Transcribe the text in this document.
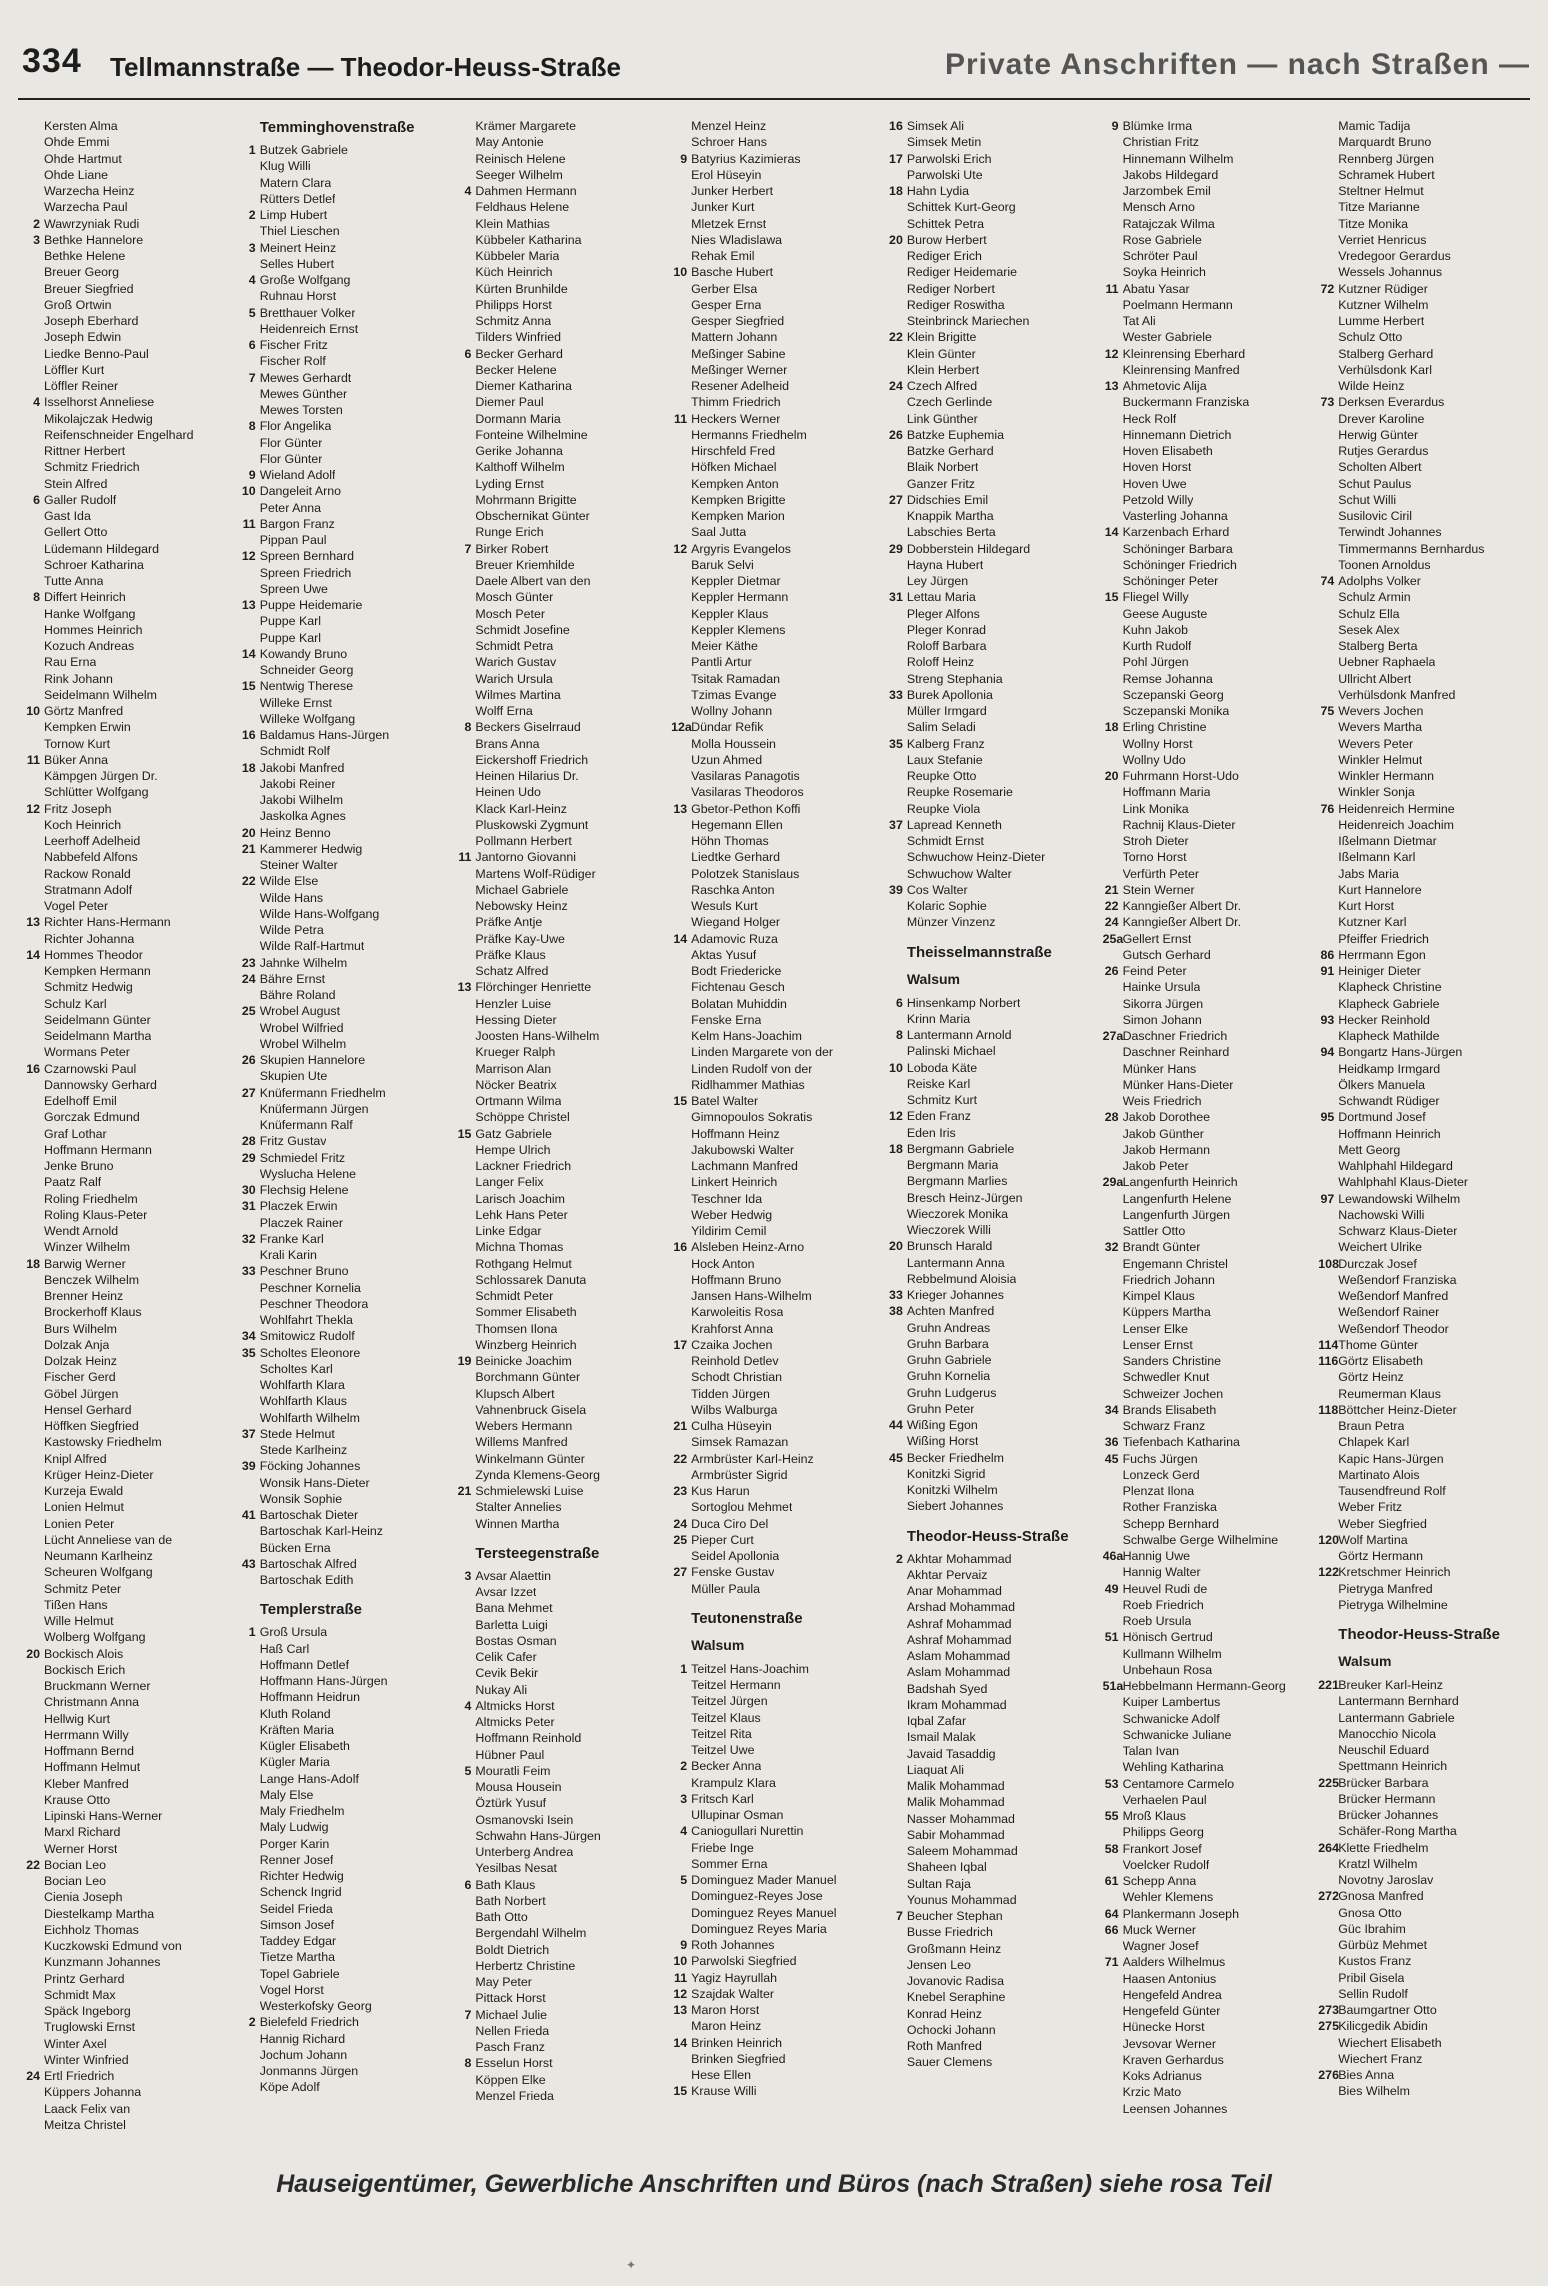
334 Tellmannstraße — Theodor-Heuss-Straße	Private Anschriften — nach Straßen —
Kersten Alma
Ohde Emmi
Ohde Hartmut
Ohde Liane
Warzecha Heinz
Warzecha Paul
2 Wawrzyniak Rudi
3 Bethke Hannelore
Bethke Helene
Breuer Georg
Breuer Siegfried
Groß Ortwin
Joseph Eberhard
Joseph Edwin
Liedke Benno-Paul
Löffler Kurt
Löffler Reiner
4 Isselhorst Anneliese
Mikolajczak Hedwig
Reifenschneider Engelhard
Rittner Herbert
Schmitz Friedrich
Stein Alfred
6 Galler Rudolf
Gast Ida
Gellert Otto
Lüdemann Hildegard
Schroer Katharina
Tutte Anna
8 Differt Heinrich
Hanke Wolfgang
Hommes Heinrich
Kozuch Andreas
Rau Erna
Rink Johann
Seidelmann Wilhelm
10 Görtz Manfred
Kempken Erwin
Tornow Kurt
11 Büker Anna
Kämpgen Jürgen Dr.
Schlütter Wolfgang
12 Fritz Joseph
Koch Heinrich
Leerhoff Adelheid
Nabbefeld Alfons
Rackow Ronald
Stratmann Adolf
Vogel Peter
13 Richter Hans-Hermann
Richter Johanna
14 Hommes Theodor
Kempken Hermann
Schmitz Hedwig
Schulz Karl
Seidelmann Günter
Seidelmann Martha
Wormans Peter
16 Czarnowski Paul
Dannowsky Gerhard
Edelhoff Emil
Gorczak Edmund
Graf Lothar
Hoffmann Hermann
Jenke Bruno
Paatz Ralf
Roling Friedhelm
Roling Klaus-Peter
Wendt Arnold
Winzer Wilhelm
18 Barwig Werner
Benczek Wilhelm
Brenner Heinz
Brockerhoff Klaus
Burs Wilhelm
Dolzak Anja
Dolzak Heinz
Fischer Gerd
Göbel Jürgen
Hensel Gerhard
Höffken Siegfried
Kastowsky Friedhelm
Knipl Alfred
Krüger Heinz-Dieter
Kurzeja Ewald
Lonien Helmut
Lonien Peter
Lücht Anneliese van de
Neumann Karlheinz
Scheuren Wolfgang
Schmitz Peter
Tißen Hans
Wille Helmut
Wolberg Wolfgang
20 Bockisch Alois
Bockisch Erich
Bruckmann Werner
Christmann Anna
Hellwig Kurt
Herrmann Willy
Hoffmann Bernd
Hoffmann Helmut
Kleber Manfred
Krause Otto
Lipinski Hans-Werner
Marxl Richard
Werner Horst
22 Bocian Leo
Bocian Leo
Cienia Joseph
Diestelkamp Martha
Eichholz Thomas
Kuczkowski Edmund von
Kunzmann Johannes
Printz Gerhard
Schmidt Max
Späck Ingeborg
Truglowski Ernst
Winter Axel
Winter Winfried
24 Ertl Friedrich
Küppers Johanna
Laack Felix van
Meitza Christel
Temminghovenstraße
1 Butzek Gabriele
Klug Willi
Matern Clara
Rütters Detlef
2 Limp Hubert
Thiel Lieschen
3 Meinert Heinz
Selles Hubert
4 Große Wolfgang
Ruhnau Horst
5 Bretthauer Volker
Heidenreich Ernst
6 Fischer Fritz
Fischer Rolf
7 Mewes Gerhardt
Mewes Günther
Mewes Torsten
8 Flor Angelika
Flor Günter
Flor Günter
9 Wieland Adolf
10 Dangeleit Arno
Peter Anna
11 Bargon Franz
Pippan Paul
12 Spreen Bernhard
Spreen Friedrich
Spreen Uwe
13 Puppe Heidemarie
Puppe Karl
Puppe Karl
14 Kowandy Bruno
Schneider Georg
15 Nentwig Therese
Willeke Ernst
Willeke Wolfgang
16 Baldamus Hans-Jürgen
Schmidt Rolf
18 Jakobi Manfred
Jakobi Reiner
Jakobi Wilhelm
Jaskolka Agnes
20 Heinz Benno
21 Kammerer Hedwig
Steiner Walter
22 Wilde Else
Wilde Hans
Wilde Hans-Wolfgang
Wilde Petra
Wilde Ralf-Hartmut
23 Jahnke Wilhelm
24 Bähre Ernst
Bähre Roland
25 Wrobel August
Wrobel Wilfried
Wrobel Wilhelm
26 Skupien Hannelore
Skupien Ute
27 Knüfermann Friedhelm
Knüfermann Jürgen
Knüfermann Ralf
28 Fritz Gustav
29 Schmiedel Fritz
Wyslucha Helene
30 Flechsig Helene
31 Placzek Erwin
Placzek Rainer
32 Franke Karl
Krali Karin
33 Peschner Bruno
Peschner Kornelia
Peschner Theodora
Wohlfahrt Thekla
34 Smitowicz Rudolf
35 Scholtes Eleonore
Scholtes Karl
Wohlfarth Klara
Wohlfarth Klaus
Wohlfarth Wilhelm
37 Stede Helmut
Stede Karlheinz
39 Föcking Johannes
Wonsik Hans-Dieter
Wonsik Sophie
41 Bartoschak Dieter
Bartoschak Karl-Heinz
Bücken Erna
43 Bartoschak Alfred
Bartoschak Edith
Templerstraße
1 Groß Ursula
Haß Carl
Hoffmann Detlef
Hoffmann Hans-Jürgen
Hoffmann Heidrun
Kluth Roland
Kräften Maria
Kügler Elisabeth
Kügler Maria
Lange Hans-Adolf
Maly Else
Maly Friedhelm
Maly Ludwig
Porger Karin
Renner Josef
Richter Hedwig
Schenck Ingrid
Seidel Frieda
Simson Josef
Taddey Edgar
Tietze Martha
Topel Gabriele
Vogel Horst
Westerkofsky Georg
2 Bielefeld Friedrich
Hannig Richard
Jochum Johann
Jonmanns Jürgen
Köpe Adolf
Krämer Margarete
May Antonie
Reinisch Helene
Seeger Wilhelm
4 Dahmen Hermann
Feldhaus Helene
Klein Mathias
Kübbeler Katharina
Kübbeler Maria
Küch Heinrich
Kürten Brunhilde
Philipps Horst
Schmitz Anna
Tilders Winfried
6 Becker Gerhard
Becker Helene
Diemer Katharina
Diemer Paul
Dormann Maria
Fonteine Wilhelmine
Gerike Johanna
Kalthoff Wilhelm
Lyding Ernst
Mohrmann Brigitte
Obschernikat Günter
Runge Erich
7 Birker Robert
Breuer Kriemhilde
Daele Albert van den
Mosch Günter
Mosch Peter
Schmidt Josefine
Schmidt Petra
Warich Gustav
Warich Ursula
Wilmes Martina
Wolff Erna
8 Beckers Giselrraud
Brans Anna
Eickershoff Friedrich
Heinen Hilarius Dr.
Heinen Udo
Klack Karl-Heinz
Pluskowski Zygmunt
Pollmann Herbert
11 Jantorno Giovanni
Martens Wolf-Rüdiger
Michael Gabriele
Nebowsky Heinz
Präfke Antje
Präfke Kay-Uwe
Präfke Klaus
Schatz Alfred
13 Flörchinger Henriette
Henzler Luise
Hessing Dieter
Joosten Hans-Wilhelm
Krueger Ralph
Marrison Alan
Nöcker Beatrix
Ortmann Wilma
Schöppe Christel
15 Gatz Gabriele
Hempe Ulrich
Lackner Friedrich
Langer Felix
Larisch Joachim
Lehk Hans Peter
Linke Edgar
Michna Thomas
Rothgang Helmut
Schlossarek Danuta
Schmidt Peter
Sommer Elisabeth
Thomsen Ilona
Winzberg Heinrich
19 Beinicke Joachim
Borchmann Günter
Klupsch Albert
Vahnenbruck Gisela
Webers Hermann
Willems Manfred
Winkelmann Günter
Zynda Klemens-Georg
21 Schmielewski Luise
Stalter Annelies
Winnen Martha
Tersteegenstraße
3 Avsar Alaettin
Avsar Izzet
Bana Mehmet
Barletta Luigi
Bostas Osman
Celik Cafer
Cevik Bekir
Nukay Ali
4 Altmicks Horst
Altmicks Peter
Hoffmann Reinhold
Hübner Paul
5 Mouratli Feim
Mousa Housein
Öztürk Yusuf
Osmanovski Isein
Schwahn Hans-Jürgen
Unterberg Andrea
Yesilbas Nesat
6 Bath Klaus
Bath Norbert
Bath Otto
Bergendahl Wilhelm
Boldt Dietrich
Herbertz Christine
May Peter
Pittack Horst
7 Michael Julie
Nellen Frieda
Pasch Franz
8 Esselun Horst
Köppen Elke
Menzel Frieda
Menzel Heinz
Schroer Hans
9 Batyrius Kazimieras
Erol Hüseyin
Junker Herbert
Junker Kurt
Mletzek Ernst
Nies Wladislawa
Rehak Emil
10 Basche Hubert
Gerber Elsa
Gesper Erna
Gesper Siegfried
Mattern Johann
Meßinger Sabine
Meßinger Werner
Resener Adelheid
Thimm Friedrich
11 Heckers Werner
Hermanns Friedhelm
Hirschfeld Fred
Höfken Michael
Kempken Anton
Kempken Brigitte
Kempken Marion
Saal Jutta
12 Argyris Evangelos
Baruk Selvi
Keppler Dietmar
Keppler Hermann
Keppler Klaus
Keppler Klemens
Meier Käthe
Pantli Artur
Tsitak Ramadan
Tzimas Evange
Wollny Johann
12a Dündar Refik
Molla Houssein
Uzun Ahmed
Vasilaras Panagotis
Vasilaras Theodoros
13 Gbetor-Pethon Koffi
Hegemann Ellen
Höhn Thomas
Liedtke Gerhard
Polotzek Stanislaus
Raschka Anton
Wesuls Kurt
Wiegand Holger
14 Adamovic Ruza
Aktas Yusuf
Bodt Friedericke
Fichtenau Gesch
Bolatan Muhiddin
Fenske Erna
Kelm Hans-Joachim
Linden Margarete von der
Linden Rudolf von der
Ridlhammer Mathias
15 Batel Walter
Gimnopoulos Sokratis
Hoffmann Heinz
Jakubowski Walter
Lachmann Manfred
Linkert Heinrich
Teschner Ida
Weber Hedwig
Yildirim Cemil
16 Alsleben Heinz-Arno
Hock Anton
Hoffmann Bruno
Jansen Hans-Wilhelm
Karwoleitis Rosa
Krahforst Anna
17 Czaika Jochen
Reinhold Detlev
Schodt Christian
Tidden Jürgen
Wilbs Walburga
21 Culha Hüseyin
Simsek Ramazan
22 Armbrüster Karl-Heinz
Armbrüster Sigrid
23 Kus Harun
Sortoglou Mehmet
24 Duca Ciro Del
25 Pieper Curt
Seidel Apollonia
27 Fenske Gustav
Müller Paula
Teutonenstraße
Walsum
1 Teitzel Hans-Joachim
Teitzel Hermann
Teitzel Jürgen
Teitzel Klaus
Teitzel Rita
Teitzel Uwe
2 Becker Anna
Krampulz Klara
3 Fritsch Karl
Ullupinar Osman
4 Caniogullari Nurettin
Friebe Inge
Sommer Erna
5 Dominguez Mader Manuel
Dominguez-Reyes Jose
Dominguez Reyes Manuel
Dominguez Reyes Maria
9 Roth Johannes
10 Parwolski Siegfried
11 Yagiz Hayrullah
12 Szajdak Walter
13 Maron Horst
Maron Heinz
14 Brinken Heinrich
Brinken Siegfried
Hese Ellen
15 Krause Willi
16 Simsek Ali
Simsek Metin
17 Parwolski Erich
Parwolski Ute
18 Hahn Lydia
Schittek Kurt-Georg
Schittek Petra
20 Burow Herbert
Rediger Erich
Rediger Heidemarie
Rediger Norbert
Rediger Roswitha
Steinbrinck Mariechen
22 Klein Brigitte
Klein Günter
Klein Herbert
24 Czech Alfred
Czech Gerlinde
Link Günther
26 Batzke Euphemia
Batzke Gerhard
Blaik Norbert
Ganzer Fritz
27 Didschies Emil
Knappik Martha
Labschies Berta
29 Dobberstein Hildegard
Hayna Hubert
Ley Jürgen
31 Lettau Maria
Pleger Alfons
Pleger Konrad
Roloff Barbara
Roloff Heinz
Streng Stephania
33 Burek Apollonia
Müller Irmgard
Salim Seladi
35 Kalberg Franz
Laux Stefanie
Reupke Otto
Reupke Rosemarie
Reupke Viola
37 Lapread Kenneth
Schmidt Ernst
Schwuchow Heinz-Dieter
Schwuchow Walter
39 Cos Walter
Kolaric Sophie
Münzer Vinzenz
Theisselmannstraße
Walsum
6 Hinsenkamp Norbert
Krinn Maria
8 Lantermann Arnold
Palinski Michael
10 Loboda Käte
Reiske Karl
Schmitz Kurt
12 Eden Franz
Eden Iris
18 Bergmann Gabriele
Bergmann Maria
Bergmann Marlies
Bresch Heinz-Jürgen
Wieczorek Monika
Wieczorek Willi
20 Brunsch Harald
Lantermann Anna
Rebbelmund Aloisia
33 Krieger Johannes
38 Achten Manfred
Gruhn Andreas
Gruhn Barbara
Gruhn Gabriele
Gruhn Kornelia
Gruhn Ludgerus
Gruhn Peter
44 Wißing Egon
Wißing Horst
45 Becker Friedhelm
Konitzki Sigrid
Konitzki Wilhelm
Siebert Johannes
Theodor-Heuss-Straße
2 Akhtar Mohammad
Akhtar Pervaiz
Anar Mohammad
Arshad Mohammad
Ashraf Mohammad
Ashraf Mohammad
Aslam Mohammad
Aslam Mohammad
Badshah Syed
Ikram Mohammad
Iqbal Zafar
Ismail Malak
Javaid Tasaddig
Liaquat Ali
Malik Mohammad
Malik Mohammad
Nasser Mohammad
Sabir Mohammad
Saleem Mohammad
Shaheen Iqbal
Sultan Raja
Younus Mohammad
7 Beucher Stephan
Busse Friedrich
Großmann Heinz
Jensen Leo
Jovanovic Radisa
Knebel Seraphine
Konrad Heinz
Ochocki Johann
Roth Manfred
Sauer Clemens
9 Blümke Irma
Christian Fritz
Hinnemann Wilhelm
Jakobs Hildegard
Jarzombek Emil
Mensch Arno
Ratajczak Wilma
Rose Gabriele
Schröter Paul
Soyka Heinrich
11 Abatu Yasar
Poelmann Hermann
Tat Ali
Wester Gabriele
12 Kleinrensing Eberhard
Kleinrensing Manfred
13 Ahmetovic Alija
Buckermann Franziska
Heck Rolf
Hinnemann Dietrich
Hoven Elisabeth
Hoven Horst
Hoven Uwe
Petzold Willy
Vasterling Johanna
14 Karzenbach Erhard
Schöninger Barbara
Schöninger Friedrich
Schöninger Peter
15 Fliegel Willy
Geese Auguste
Kuhn Jakob
Kurth Rudolf
Pohl Jürgen
Remse Johanna
Sczepanski Georg
Sczepanski Monika
18 Erling Christine
Wollny Horst
Wollny Udo
20 Fuhrmann Horst-Udo
Hoffmann Maria
Link Monika
Rachnij Klaus-Dieter
Stroh Dieter
Torno Horst
Verfürth Peter
21 Stein Werner
22 Kanngießer Albert Dr.
24 Kanngießer Albert Dr.
25a Gellert Ernst
Gutsch Gerhard
26 Feind Peter
Hainke Ursula
Sikorra Jürgen
Simon Johann
27a Daschner Friedrich
Daschner Reinhard
Münker Hans
Münker Hans-Dieter
Weis Friedrich
28 Jakob Dorothee
Jakob Günther
Jakob Hermann
Jakob Peter
29a Langenfurth Heinrich
Langenfurth Helene
Langenfurth Jürgen
Sattler Otto
32 Brandt Günter
Engemann Christel
Friedrich Johann
Kimpel Klaus
Küppers Martha
Lenser Elke
Lenser Ernst
Sanders Christine
Schwedler Knut
Schweizer Jochen
34 Brands Elisabeth
Schwarz Franz
36 Tiefenbach Katharina
45 Fuchs Jürgen
Lonzeck Gerd
Plenzat Ilona
Rother Franziska
Schepp Bernhard
Schwalbe Gerge Wilhelmine
46a Hannig Uwe
Hannig Walter
49 Heuvel Rudi de
Roeb Friedrich
Roeb Ursula
51 Hönisch Gertrud
Kullmann Wilhelm
Unbehaun Rosa
51a Hebbelmann Hermann-Georg
Kuiper Lambertus
Schwanicke Adolf
Schwanicke Juliane
Talan Ivan
Wehling Katharina
53 Centamore Carmelo
Verhaelen Paul
55 Mroß Klaus
Philipps Georg
58 Frankort Josef
Voelcker Rudolf
61 Schepp Anna
Wehler Klemens
64 Plankermann Joseph
66 Muck Werner
Wagner Josef
71 Aalders Wilhelmus
Haasen Antonius
Hengefeld Andrea
Hengefeld Günter
Hünecke Horst
Jevsovar Werner
Kraven Gerhardus
Koks Adrianus
Krzic Mato
Leensen Johannes
Mamic Tadija
Marquardt Bruno
Rennberg Jürgen
Schramek Hubert
Steltner Helmut
Titze Marianne
Titze Monika
Verriet Henricus
Vredegoor Gerardus
Wessels Johannus
72 Kutzner Rüdiger
Kutzner Wilhelm
Lumme Herbert
Schulz Otto
Stalberg Gerhard
Verhülsdonk Karl
Wilde Heinz
73 Derksen Everardus
Drever Karoline
Herwig Günter
Rutjes Gerardus
Scholten Albert
Schut Paulus
Schut Willi
Susilovic Ciril
Terwindt Johannes
Timmermanns Bernhardus
Toonen Arnoldus
74 Adolphs Volker
Schulz Armin
Schulz Ella
Sesek Alex
Stalberg Berta
Uebner Raphaela
Ullricht Albert
Verhülsdonk Manfred
75 Wevers Jochen
Wevers Martha
Wevers Peter
Winkler Helmut
Winkler Hermann
Winkler Sonja
76 Heidenreich Hermine
Heidenreich Joachim
Ißelmann Dietmar
Ißelmann Karl
Jabs Maria
Kurt Hannelore
Kurt Horst
Kutzner Karl
Pfeiffer Friedrich
86 Herrmann Egon
91 Heiniger Dieter
Klapheck Christine
Klapheck Gabriele
93 Hecker Reinhold
Klapheck Mathilde
94 Bongartz Hans-Jürgen
Heidkamp Irmgard
Ölkers Manuela
Schwandt Rüdiger
95 Dortmund Josef
Hoffmann Heinrich
Mett Georg
Wahlphahl Hildegard
Wahlphahl Klaus-Dieter
97 Lewandowski Wilhelm
Nachowski Willi
Schwarz Klaus-Dieter
Weichert Ulrike
108 Durczak Josef
Weßendorf Franziska
Weßendorf Manfred
Weßendorf Rainer
Weßendorf Theodor
114 Thome Günter
116 Görtz Elisabeth
Görtz Heinz
Reumerman Klaus
118 Böttcher Heinz-Dieter
Braun Petra
Chlapek Karl
Kapic Hans-Jürgen
Martinato Alois
Tausendfreund Rolf
Weber Fritz
Weber Siegfried
120 Wolf Martina
Görtz Hermann
122 Kretschmer Heinrich
Pietryga Manfred
Pietryga Wilhelmine
Theodor-Heuss-Straße
Walsum
221 Breuker Karl-Heinz
Lantermann Bernhard
Lantermann Gabriele
Manocchio Nicola
Neuschil Eduard
Spettmann Heinrich
225 Brücker Barbara
Brücker Hermann
Brücker Johannes
Schäfer-Rong Martha
264 Klette Friedhelm
Kratzl Wilhelm
Novotny Jaroslav
272 Gnosa Manfred
Gnosa Otto
Güc Ibrahim
Gürbüz Mehmet
Kustos Franz
Pribil Gisela
Sellin Rudolf
273 Baumgartner Otto
275 Kilicgedik Abidin
Wiechert Elisabeth
Wiechert Franz
276 Bies Anna
Bies Wilhelm
Hauseigentümer, Gewerbliche Anschriften und Büros (nach Straßen) siehe rosa Teil
✦
